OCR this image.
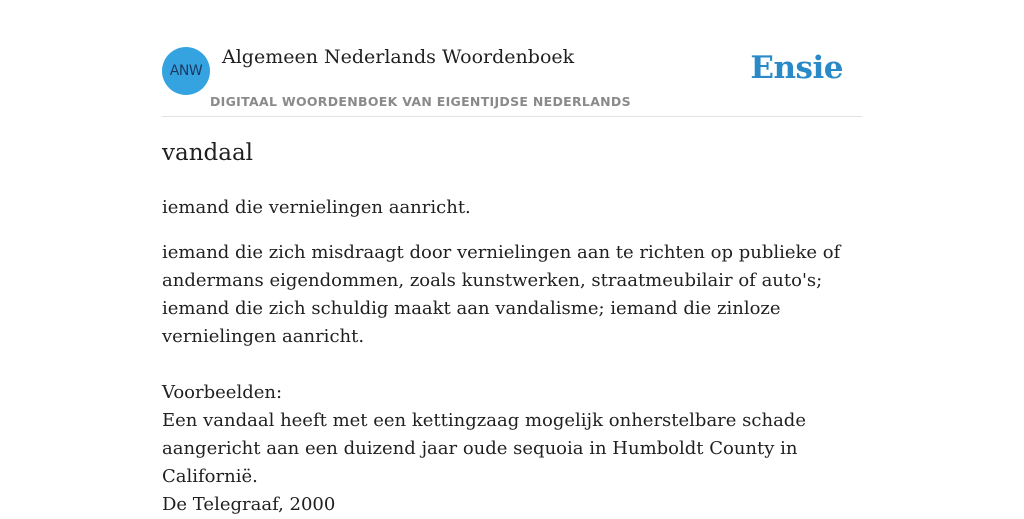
ANW
Algemeen Nederlands Woordenboek
DIGITAAL WOORDENBOEK VAN EIGENTIJDSE NEDERLANDS
Ensie
vandaal
iemand die vernielingen aanricht.

iemand die zich misdraagt door vernielingen aan te richten op publieke of andermans eigendommen, zoals kunstwerken, straatmeubilair of auto's; iemand die zich schuldig maakt aan vandalisme; iemand die zinloze vernielingen aanricht.

Voorbeelden:

Een vandaal heeft met een kettingzaag mogelijk onherstelbare schade aangericht aan een duizend jaar oude sequoia in Humboldt County in Californië.

De Telegraaf, 2000
